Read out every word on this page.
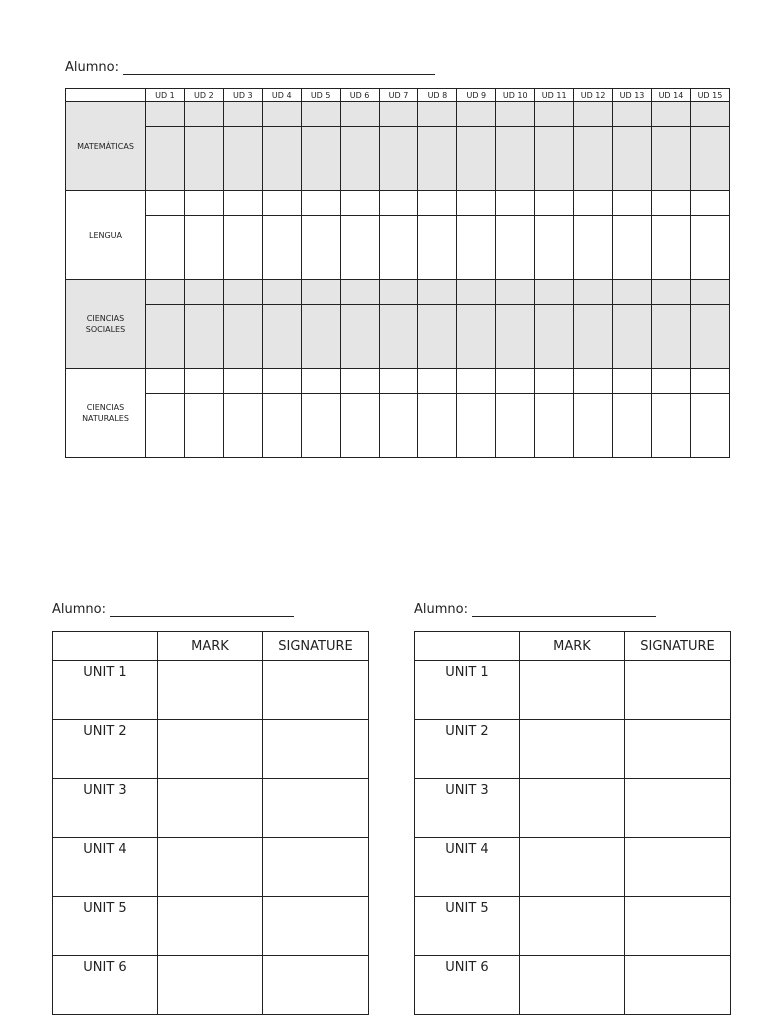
Alumno:
	UD 1	UD 2	UD 3	UD 4	UD 5	UD 6	UD 7	UD 8	UD 9	UD 10	UD 11	UD 12	UD 13	UD 14	UD 15
MATEMÁTICAS															

LENGUA															

CIENCIAS
SOCIALES															

CIENCIAS
NATURALES															

Alumno:
	MARK	SIGNATURE
UNIT 1		
UNIT 2		
UNIT 3		
UNIT 4		
UNIT 5		
UNIT 6		
Alumno:
	MARK	SIGNATURE
UNIT 1		
UNIT 2		
UNIT 3		
UNIT 4		
UNIT 5		
UNIT 6		
